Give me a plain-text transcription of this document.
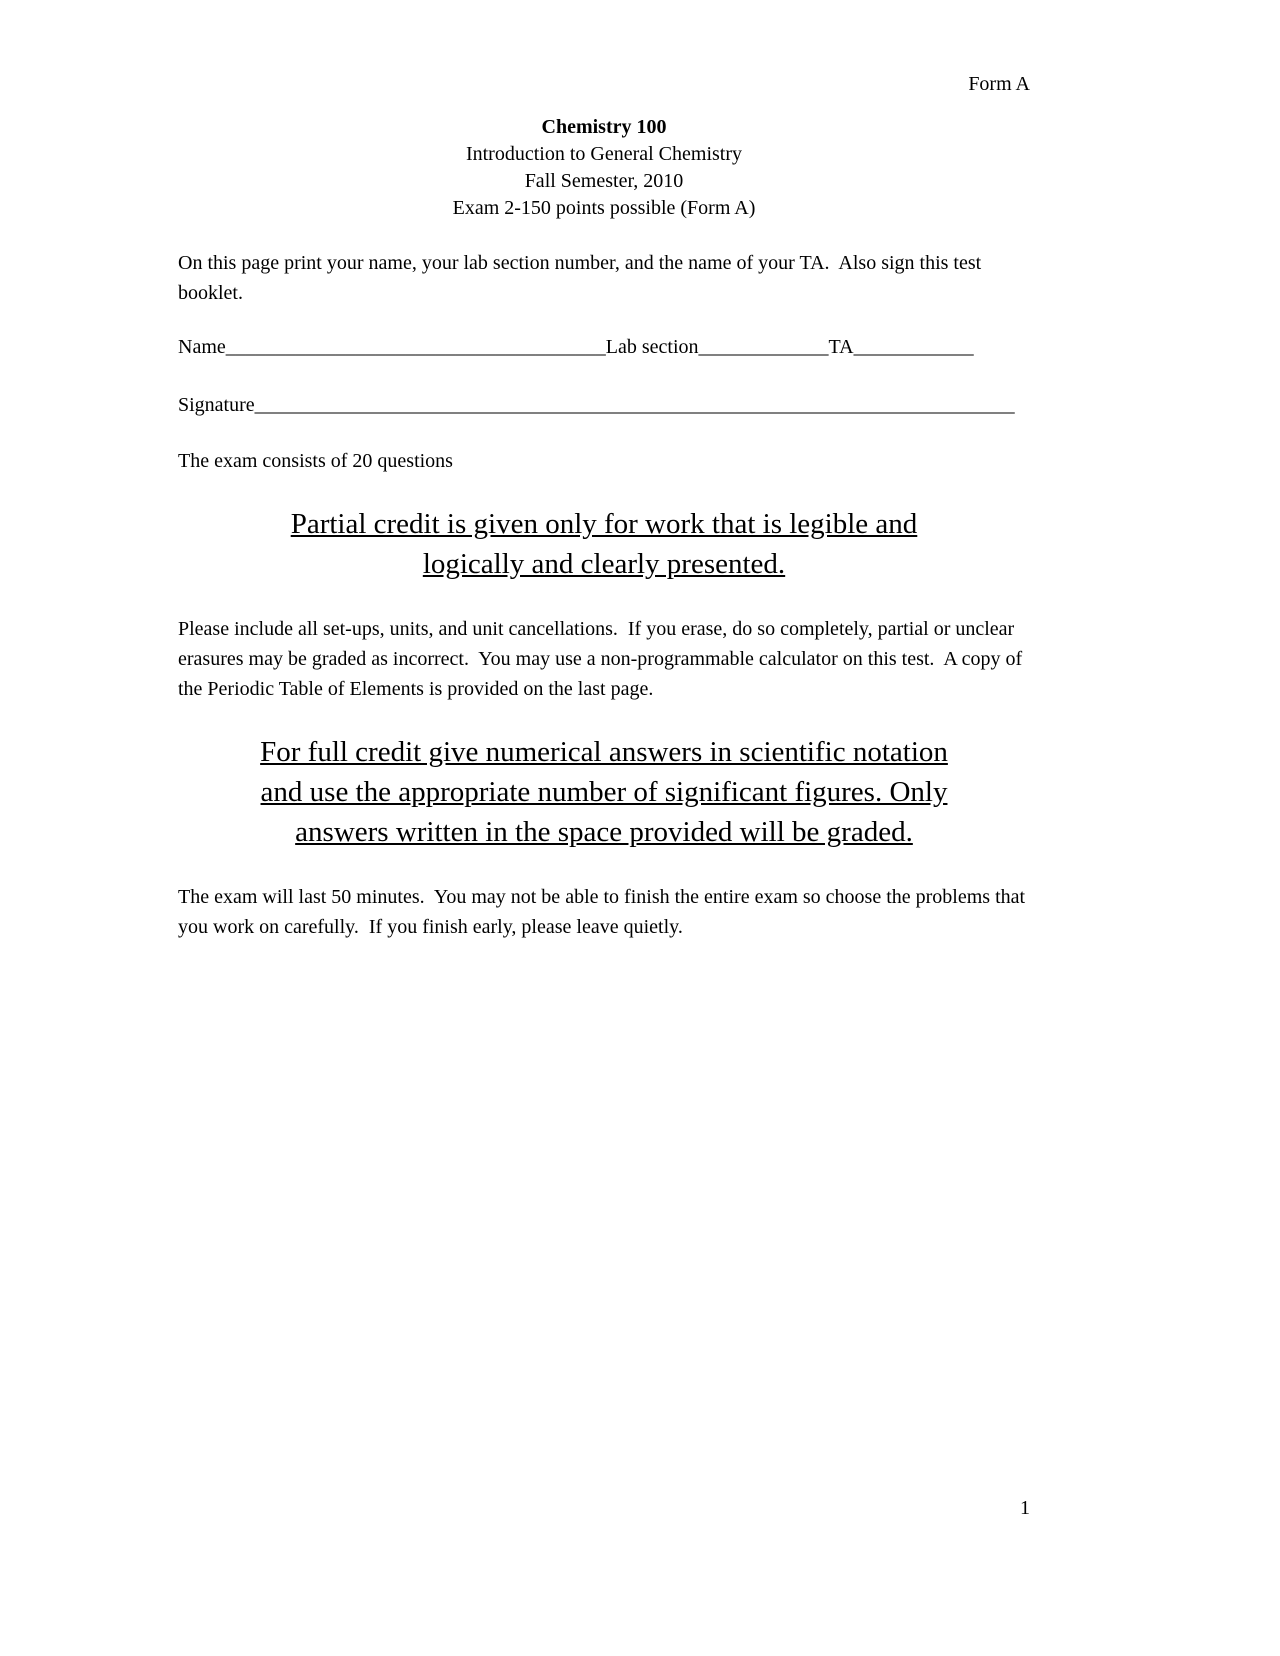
Form A
Chemistry 100
Introduction to General Chemistry
Fall Semester, 2010
Exam 2-150 points possible (Form A)

On this page print your name, your lab section number, and the name of your TA.  Also sign this test booklet.

Name______________________________________Lab section_____________TA____________

Signature____________________________________________________________________________

The exam consists of 20 questions

Partial credit is given only for work that is legible and
logically and clearly presented.

Please include all set-ups, units, and unit cancellations.  If you erase, do so completely, partial or unclear erasures may be graded as incorrect.  You may use a non-programmable calculator on this test.  A copy of the Periodic Table of Elements is provided on the last page.

For full credit give numerical answers in scientific notation
and use the appropriate number of significant figures. Only
answers written in the space provided will be graded.

The exam will last 50 minutes.  You may not be able to finish the entire exam so choose the problems that you work on carefully.  If you finish early, please leave quietly.

1
